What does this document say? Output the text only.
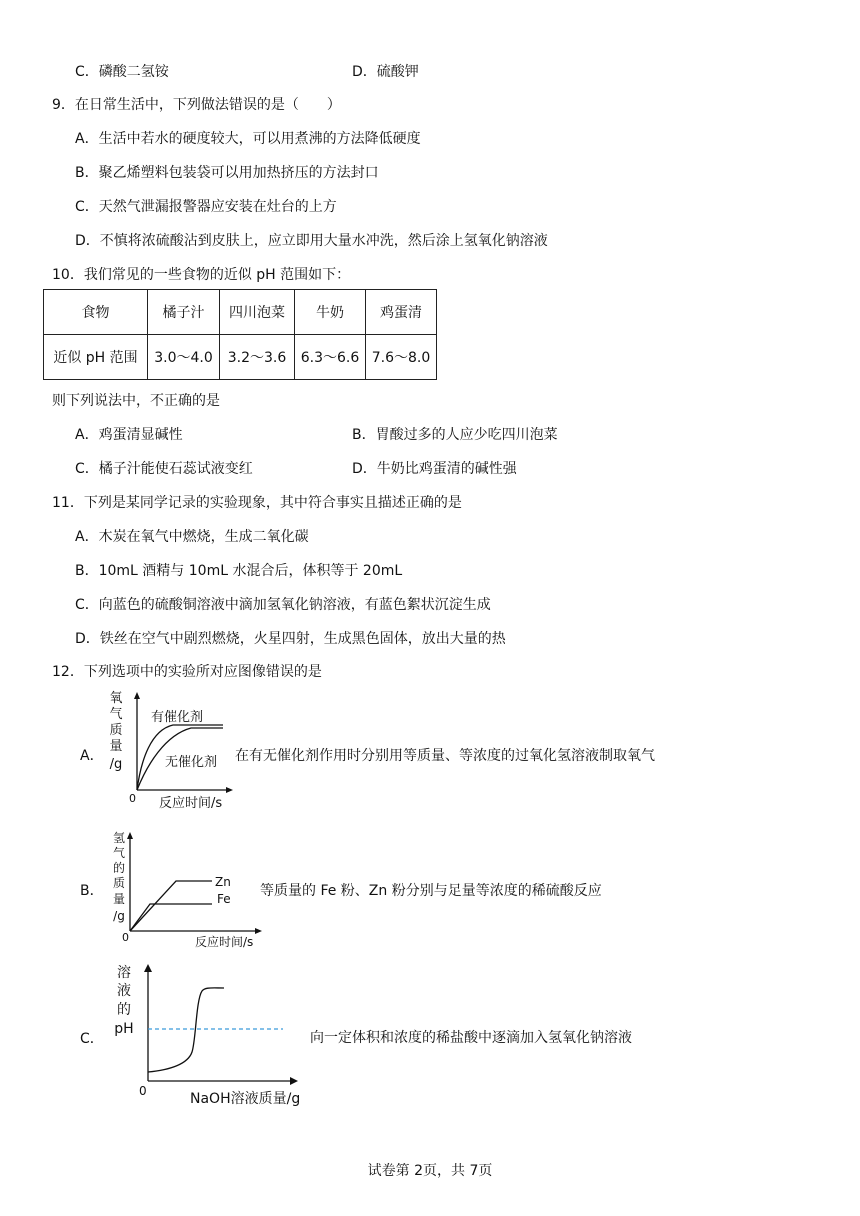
C．磷酸二氢铵	D．硫酸钾
9．在日常生活中，下列做法错误的是（　　）
A．生活中若水的硬度较大，可以用煮沸的方法降低硬度
B．聚乙烯塑料包装袋可以用加热挤压的方法封口
C．天然气泄漏报警器应安装在灶台的上方
D．不慎将浓硫酸沾到皮肤上，应立即用大量水冲洗，然后涂上氢氧化钠溶液
10．我们常见的一些食物的近似 pH 范围如下：
食物	橘子汁	四川泡菜	牛奶	鸡蛋清
近似 pH 范围	3.0～4.0	3.2～3.6	6.3～6.6	7.6～8.0
则下列说法中，不正确的是
A．鸡蛋清显碱性	B．胃酸过多的人应少吃四川泡菜
C．橘子汁能使石蕊试液变红	D．牛奶比鸡蛋清的碱性强
11．下列是某同学记录的实验现象，其中符合事实且描述正确的是
A．木炭在氧气中燃烧，生成二氧化碳
B．10mL 酒精与 10mL 水混合后，体积等于 20mL
C．向蓝色的硫酸铜溶液中滴加氢氧化钠溶液，有蓝色絮状沉淀生成
D．铁丝在空气中剧烈燃烧，火星四射，生成黑色固体，放出大量的热
12．下列选项中的实验所对应图像错误的是
A．
氧
气
质
量
/g
0 反应时间/s
有催化剂
无催化剂 在有无催化剂作用时分别用等质量、等浓度的过氧化氢溶液制取氧气
B．
氢
气
的
质
量
/g
0	反应时间/s
Zn
Fe 等质量的 Fe 粉、Zn 粉分别与足量等浓度的稀硫酸反应
C．
溶
液
的
pH
0	NaOH溶液质量/g
向一定体积和浓度的稀盐酸中逐滴加入氢氧化钠溶液
试卷第 2页，共 7页
